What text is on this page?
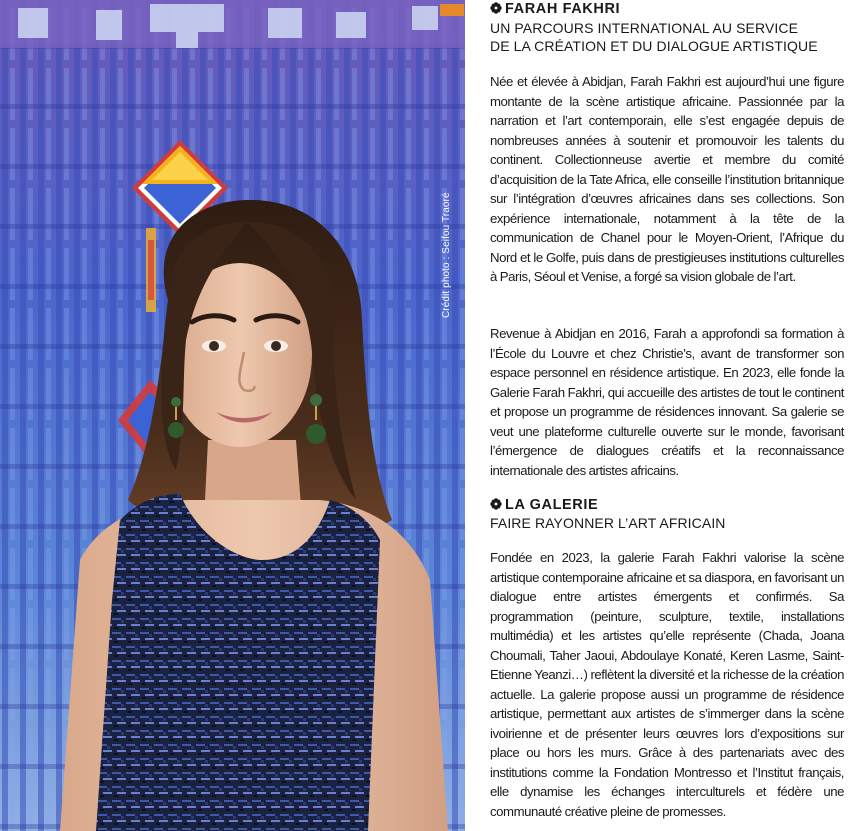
Crédit photo : Seifou Traoré
FARAH FAKHRI
UN PARCOURS INTERNATIONAL AU SERVICE
DE LA CRÉATION ET DU DIALOGUE ARTISTIQUE

Née et élevée à Abidjan, Farah Fakhri est aujourd’hui une figure montante de la scène artistique africaine. Passionnée par la narration et l’art contemporain, elle s’est engagée depuis de nombreuses années à soutenir et promouvoir les talents du continent. Collectionneuse avertie et membre du comité d’acquisition de la Tate Africa, elle conseille l’institution britannique sur l’intégration d’œuvres africaines dans ses collections. Son expérience internationale, notamment à la tête de la communication de Chanel pour le Moyen-Orient, l’Afrique du Nord et le Golfe, puis dans de prestigieuses institutions culturelles à Paris, Séoul et Venise, a forgé sa vision globale de l’art.

Revenue à Abidjan en 2016, Farah a approfondi sa formation à l’École du Louvre et chez Christie’s, avant de transformer son espace personnel en résidence artistique. En 2023, elle fonde la Galerie Farah Fakhri, qui accueille des artistes de tout le continent et propose un programme de résidences innovant. Sa galerie se veut une plateforme culturelle ouverte sur le monde, favorisant l’émergence de dialogues créatifs et la reconnaissance internationale des artistes africains.

LA GALERIE
FAIRE RAYONNER L’ART AFRICAIN

Fondée en 2023, la galerie Farah Fakhri valorise la scène artistique contemporaine africaine et sa diaspora, en favorisant un dialogue entre artistes émergents et confirmés. Sa programmation (peinture, sculpture, textile, installations multimédia) et les artistes qu’elle représente (Chada, Joana Choumali, Taher Jaoui, Abdoulaye Konaté, Keren Lasme, Saint-Etienne Yeanzi…) reflètent la diversité et la richesse de la création actuelle. La galerie propose aussi un programme de résidence artistique, permettant aux artistes de s’immerger dans la scène ivoirienne et de présenter leurs œuvres lors d’expositions sur place ou hors les murs. Grâce à des partenariats avec des institutions comme la Fondation Montresso et l’Institut français, elle dynamise les échanges interculturels et fédère une communauté créative pleine de promesses.
